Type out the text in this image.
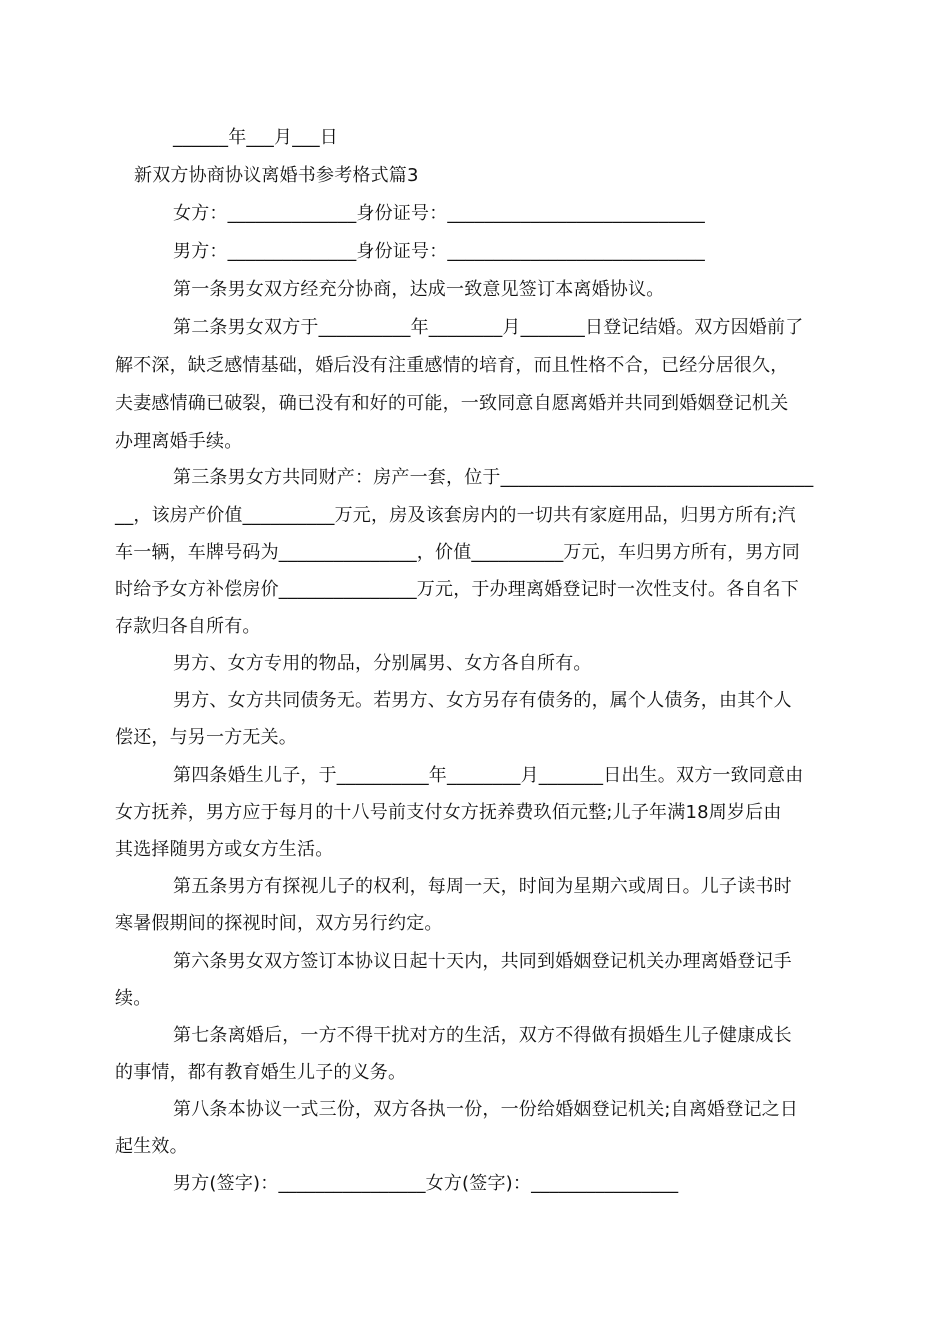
______年___月___日
新双方协商协议离婚书参考格式篇3
女方：______________身份证号：____________________________
男方：______________身份证号：____________________________
第一条男女双方经充分协商，达成一致意见签订本离婚协议。
第二条男女双方于__________年________月_______日登记结婚。双方因婚前了
解不深，缺乏感情基础，婚后没有注重感情的培育，而且性格不合，已经分居很久，
夫妻感情确已破裂，确已没有和好的可能，一致同意自愿离婚并共同到婚姻登记机关
办理离婚手续。
第三条男女方共同财产：房产一套，位于__________________________________
__，该房产价值__________万元，房及该套房内的一切共有家庭用品，归男方所有;汽
车一辆，车牌号码为_______________，价值__________万元，车归男方所有，男方同
时给予女方补偿房价_______________万元，于办理离婚登记时一次性支付。各自名下
存款归各自所有。
男方、女方专用的物品，分别属男、女方各自所有。
男方、女方共同债务无。若男方、女方另存有债务的，属个人债务，由其个人
偿还，与另一方无关。
第四条婚生儿子，于__________年________月_______日出生。双方一致同意由
女方抚养，男方应于每月的十八号前支付女方抚养费玖佰元整;儿子年满18周岁后由
其选择随男方或女方生活。
第五条男方有探视儿子的权利，每周一天，时间为星期六或周日。儿子读书时
寒暑假期间的探视时间，双方另行约定。
第六条男女双方签订本协议日起十天内，共同到婚姻登记机关办理离婚登记手
续。
第七条离婚后，一方不得干扰对方的生活，双方不得做有损婚生儿子健康成长
的事情，都有教育婚生儿子的义务。
第八条本协议一式三份，双方各执一份，一份给婚姻登记机关;自离婚登记之日
起生效。
男方(签字)：________________女方(签字)：________________
